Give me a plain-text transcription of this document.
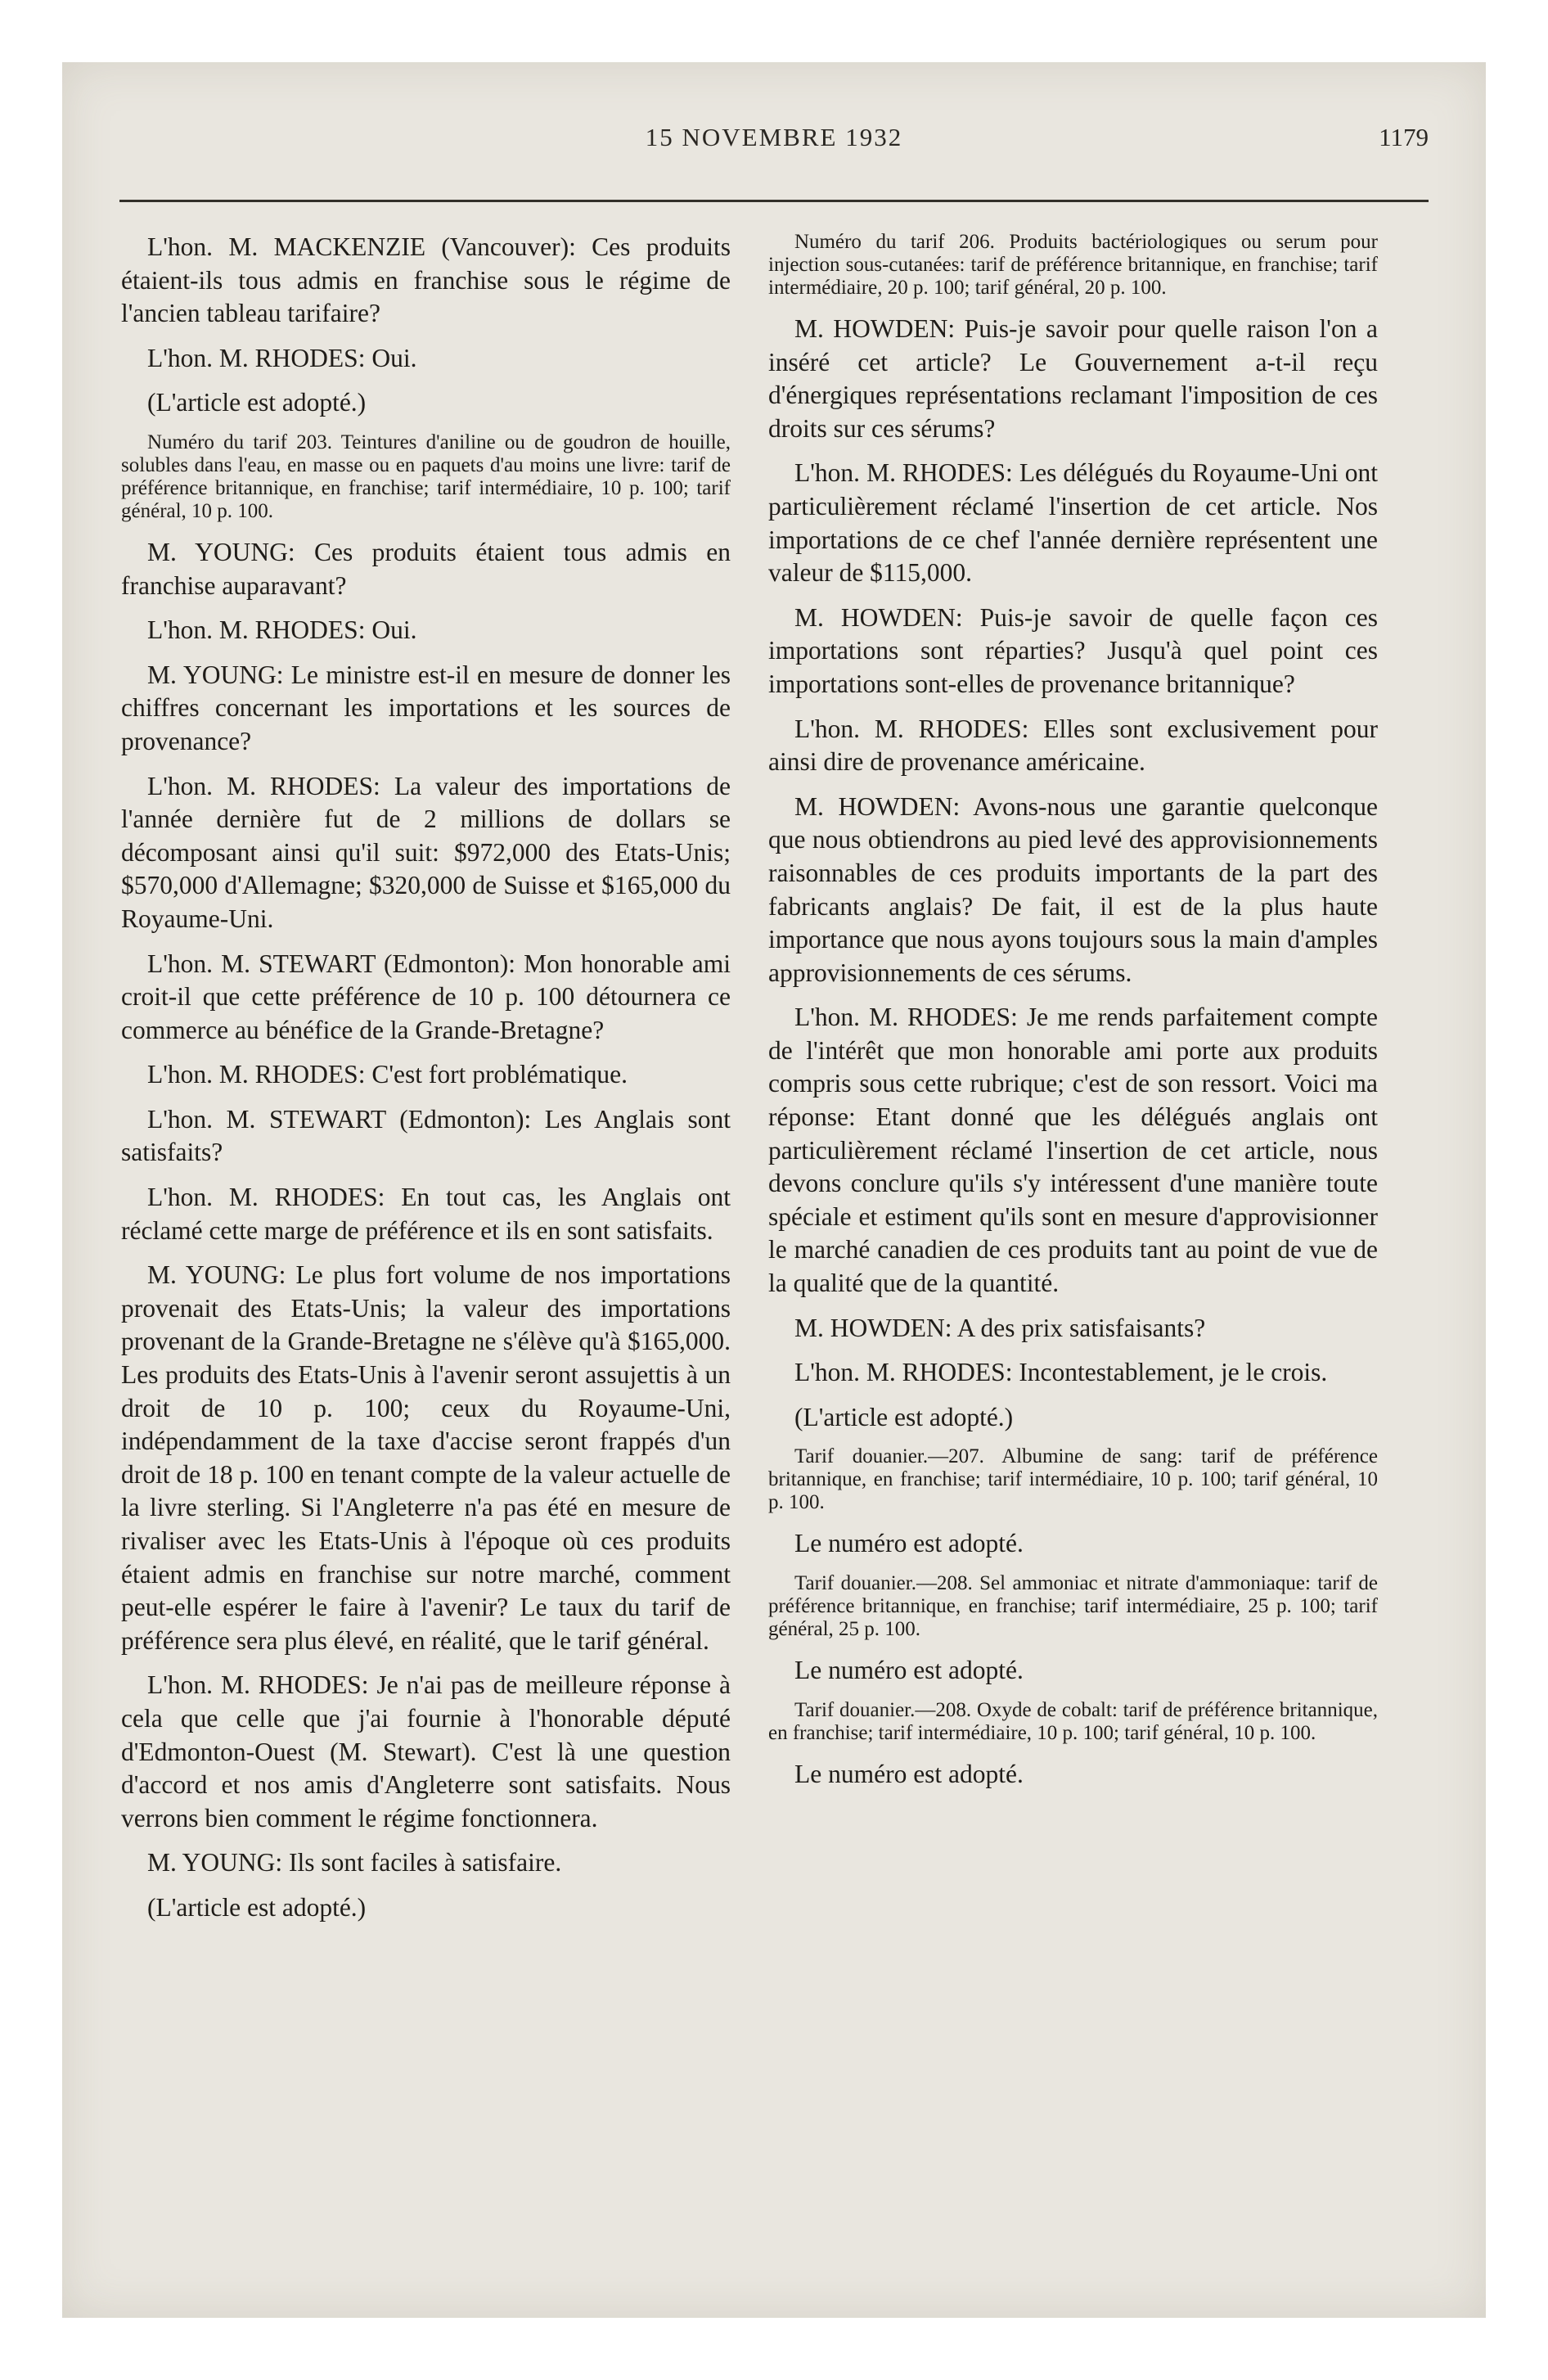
15 NOVEMBRE 1932	1179

L'hon. M. MACKENZIE (Vancouver): Ces produits étaient-ils tous admis en franchise sous le régime de l'ancien tableau tarifaire?

L'hon. M. RHODES: Oui.

(L'article est adopté.)

Numéro du tarif 203. Teintures d'aniline ou de goudron de houille, solubles dans l'eau, en masse ou en paquets d'au moins une livre: tarif de préférence britannique, en franchise; tarif intermédiaire, 10 p. 100; tarif général, 10 p. 100.

M. YOUNG: Ces produits étaient tous admis en franchise auparavant?

L'hon. M. RHODES: Oui.

M. YOUNG: Le ministre est-il en mesure de donner les chiffres concernant les importations et les sources de provenance?

L'hon. M. RHODES: La valeur des importations de l'année dernière fut de 2 millions de dollars se décomposant ainsi qu'il suit: $972,000 des Etats-Unis; $570,000 d'Allemagne; $320,000 de Suisse et $165,000 du Royaume-Uni.

L'hon. M. STEWART (Edmonton): Mon honorable ami croit-il que cette préférence de 10 p. 100 détournera ce commerce au bénéfice de la Grande-Bretagne?

L'hon. M. RHODES: C'est fort problématique.

L'hon. M. STEWART (Edmonton): Les Anglais sont satisfaits?

L'hon. M. RHODES: En tout cas, les Anglais ont réclamé cette marge de préférence et ils en sont satisfaits.

M. YOUNG: Le plus fort volume de nos importations provenait des Etats-Unis; la valeur des importations provenant de la Grande-Bretagne ne s'élève qu'à $165,000. Les produits des Etats-Unis à l'avenir seront assujettis à un droit de 10 p. 100; ceux du Royaume-Uni, indépendamment de la taxe d'accise seront frappés d'un droit de 18 p. 100 en tenant compte de la valeur actuelle de la livre sterling. Si l'Angleterre n'a pas été en mesure de rivaliser avec les Etats-Unis à l'époque où ces produits étaient admis en franchise sur notre marché, comment peut-elle espérer le faire à l'avenir? Le taux du tarif de préférence sera plus élevé, en réalité, que le tarif général.

L'hon. M. RHODES: Je n'ai pas de meilleure réponse à cela que celle que j'ai fournie à l'honorable député d'Edmonton-Ouest (M. Stewart). C'est là une question d'accord et nos amis d'Angleterre sont satisfaits. Nous verrons bien comment le régime fonctionnera.

M. YOUNG: Ils sont faciles à satisfaire.

(L'article est adopté.)

Numéro du tarif 206. Produits bactériologiques ou serum pour injection sous-cutanées: tarif de préférence britannique, en franchise; tarif intermédiaire, 20 p. 100; tarif général, 20 p. 100.

M. HOWDEN: Puis-je savoir pour quelle raison l'on a inséré cet article? Le Gouvernement a-t-il reçu d'énergiques représentations reclamant l'imposition de ces droits sur ces sérums?

L'hon. M. RHODES: Les délégués du Royaume-Uni ont particulièrement réclamé l'insertion de cet article. Nos importations de ce chef l'année dernière représentent une valeur de $115,000.

M. HOWDEN: Puis-je savoir de quelle façon ces importations sont réparties? Jusqu'à quel point ces importations sont-elles de provenance britannique?

L'hon. M. RHODES: Elles sont exclusivement pour ainsi dire de provenance américaine.

M. HOWDEN: Avons-nous une garantie quelconque que nous obtiendrons au pied levé des approvisionnements raisonnables de ces produits importants de la part des fabricants anglais? De fait, il est de la plus haute importance que nous ayons toujours sous la main d'amples approvisionnements de ces sérums.

L'hon. M. RHODES: Je me rends parfaitement compte de l'intérêt que mon honorable ami porte aux produits compris sous cette rubrique; c'est de son ressort. Voici ma réponse: Etant donné que les délégués anglais ont particulièrement réclamé l'insertion de cet article, nous devons conclure qu'ils s'y intéressent d'une manière toute spéciale et estiment qu'ils sont en mesure d'approvisionner le marché canadien de ces produits tant au point de vue de la qualité que de la quantité.

M. HOWDEN: A des prix satisfaisants?

L'hon. M. RHODES: Incontestablement, je le crois.

(L'article est adopté.)

Tarif douanier.—207. Albumine de sang: tarif de préférence britannique, en franchise; tarif intermédiaire, 10 p. 100; tarif général, 10 p. 100.

Le numéro est adopté.

Tarif douanier.—208. Sel ammoniac et nitrate d'ammoniaque: tarif de préférence britannique, en franchise; tarif intermédiaire, 25 p. 100; tarif général, 25 p. 100.

Le numéro est adopté.

Tarif douanier.—208. Oxyde de cobalt: tarif de préférence britannique, en franchise; tarif intermédiaire, 10 p. 100; tarif général, 10 p. 100.

Le numéro est adopté.
